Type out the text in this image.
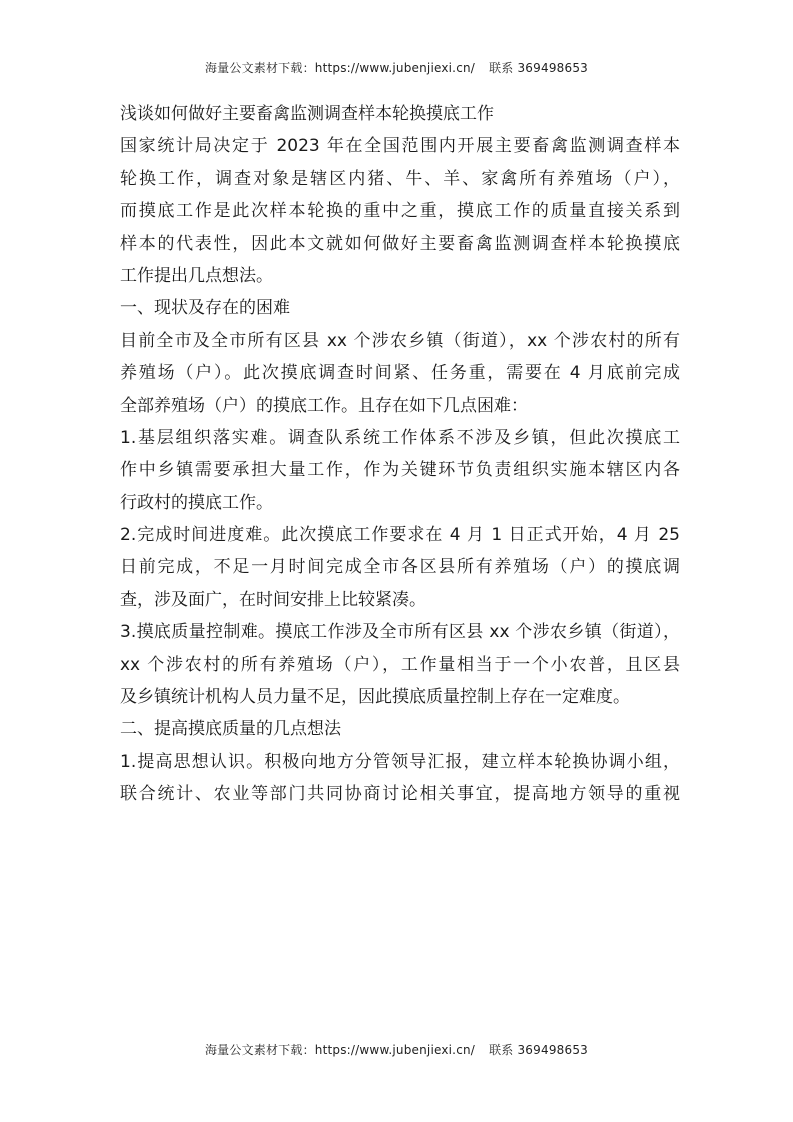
海量公文素材下载：https://www.jubenjiexi.cn/ 联系 369498653
浅谈如何做好主要畜禽监测调查样本轮换摸底工作
国家统计局决定于 2023 年在全国范围内开展主要畜禽监测调查样本
轮换工作，调查对象是辖区内猪、牛、羊、家禽所有养殖场（户），
而摸底工作是此次样本轮换的重中之重，摸底工作的质量直接关系到
样本的代表性，因此本文就如何做好主要畜禽监测调查样本轮换摸底
工作提出几点想法。
一、现状及存在的困难
目前全市及全市所有区县 xx 个涉农乡镇（街道），xx 个涉农村的所有
养殖场（户）。此次摸底调查时间紧、任务重，需要在 4 月底前完成
全部养殖场（户）的摸底工作。且存在如下几点困难：
1.基层组织落实难。调查队系统工作体系不涉及乡镇，但此次摸底工
作中乡镇需要承担大量工作，作为关键环节负责组织实施本辖区内各
行政村的摸底工作。
2.完成时间进度难。此次摸底工作要求在 4 月 1 日正式开始，4 月 25
日前完成，不足一月时间完成全市各区县所有养殖场（户）的摸底调
查，涉及面广，在时间安排上比较紧凑。
3.摸底质量控制难。摸底工作涉及全市所有区县 xx 个涉农乡镇（街道），
xx 个涉农村的所有养殖场（户），工作量相当于一个小农普，且区县
及乡镇统计机构人员力量不足，因此摸底质量控制上存在一定难度。
二、提高摸底质量的几点想法
1.提高思想认识。积极向地方分管领导汇报，建立样本轮换协调小组，
联合统计、农业等部门共同协商讨论相关事宜，提高地方领导的重视
海量公文素材下载：https://www.jubenjiexi.cn/ 联系 369498653
